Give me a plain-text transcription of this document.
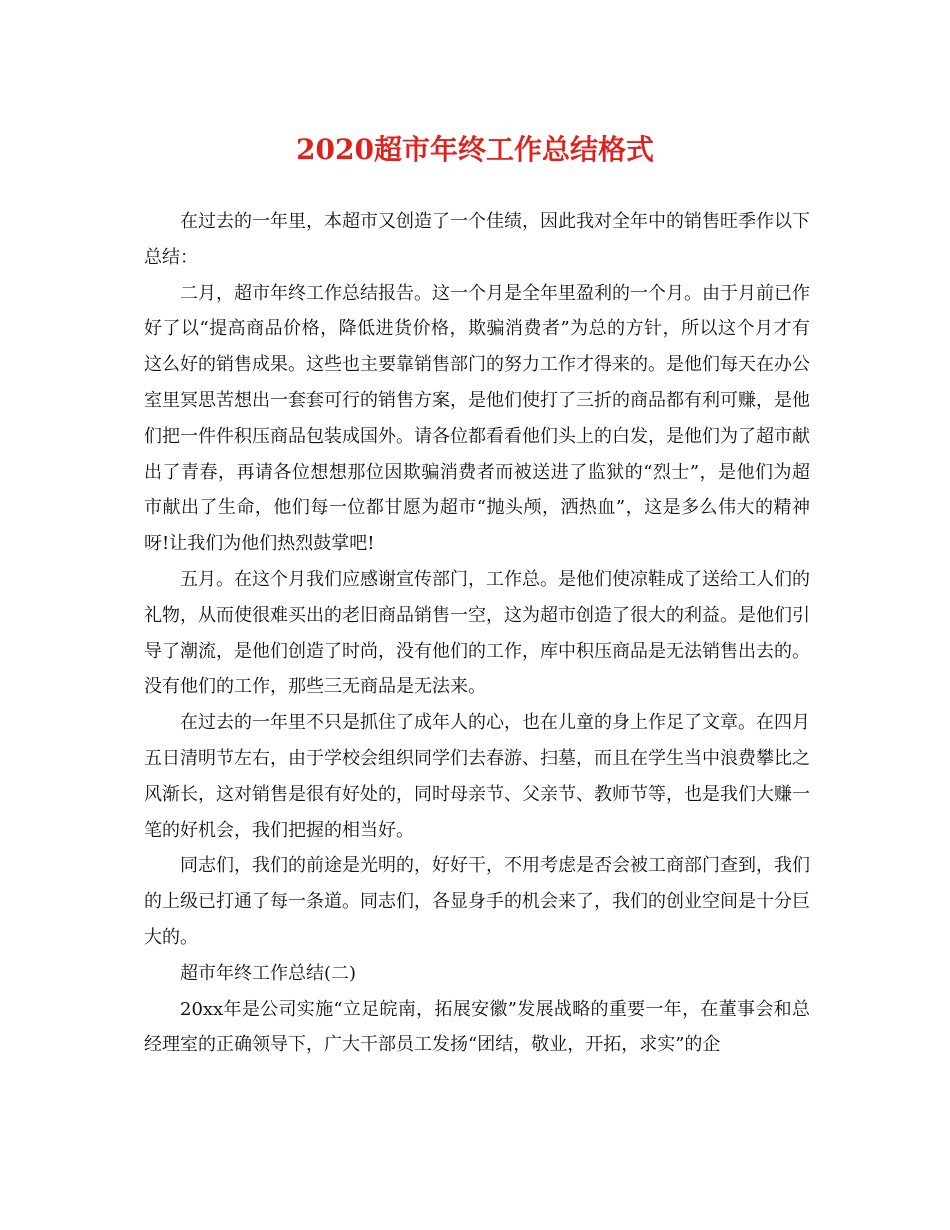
2020超市年终工作总结格式

在过去的一年里，本超市又创造了一个佳绩，因此我对全年中的销售旺季作以下总结：

二月，超市年终工作总结报告。这一个月是全年里盈利的一个月。由于月前已作好了以“提高商品价格，降低进货价格，欺骗消费者”为总的方针，所以这个月才有这么好的销售成果。这些也主要靠销售部门的努力工作才得来的。是他们每天在办公室里冥思苦想出一套套可行的销售方案，是他们使打了三折的商品都有利可赚，是他们把一件件积压商品包装成国外。请各位都看看他们头上的白发，是他们为了超市献出了青春，再请各位想想那位因欺骗消费者而被送进了监狱的“烈士”，是他们为超市献出了生命，他们每一位都甘愿为超市“抛头颅，洒热血”，这是多么伟大的精神呀!让我们为他们热烈鼓掌吧!

五月。在这个月我们应感谢宣传部门，工作总。是他们使凉鞋成了送给工人们的礼物，从而使很难买出的老旧商品销售一空，这为超市创造了很大的利益。是他们引导了潮流，是他们创造了时尚，没有他们的工作，库中积压商品是无法销售出去的。没有他们的工作，那些三无商品是无法来。

在过去的一年里不只是抓住了成年人的心，也在儿童的身上作足了文章。在四月五日清明节左右，由于学校会组织同学们去春游、扫墓，而且在学生当中浪费攀比之风渐长，这对销售是很有好处的，同时母亲节、父亲节、教师节等，也是我们大赚一笔的好机会，我们把握的相当好。

同志们，我们的前途是光明的，好好干，不用考虑是否会被工商部门查到，我们的上级已打通了每一条道。同志们，各显身手的机会来了，我们的创业空间是十分巨大的。

超市年终工作总结(二)

20xx年是公司实施“立足皖南，拓展安徽”发展战略的重要一年，在董事会和总经理室的正确领导下，广大干部员工发扬“团结，敬业，开拓，求实”的企
